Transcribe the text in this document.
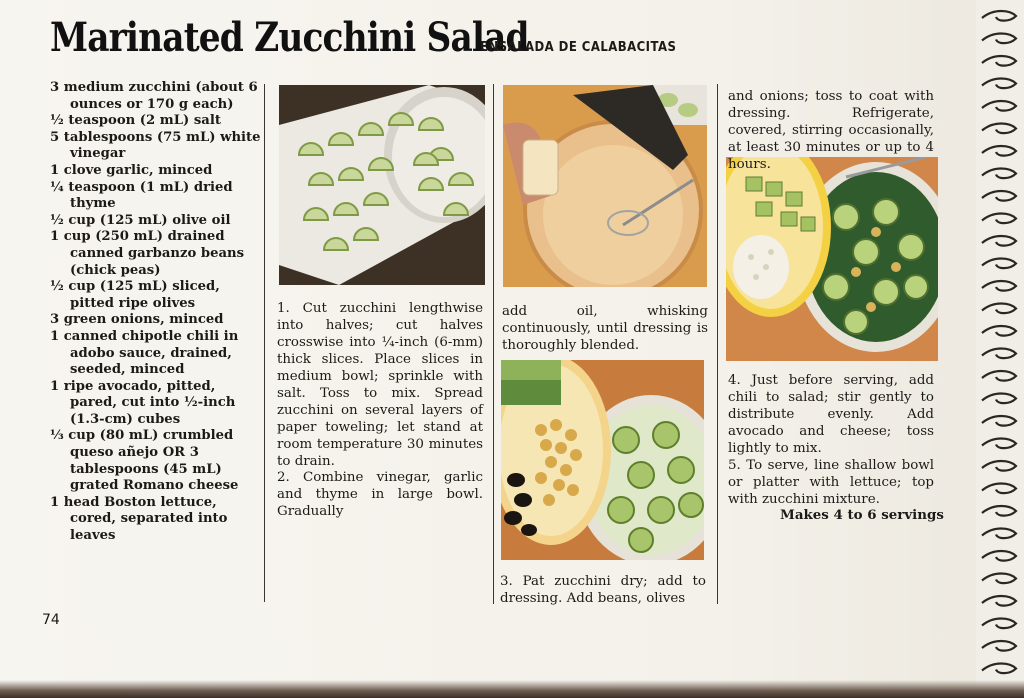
Marinated Zucchini Salad
ENSALADA DE CALABACITAS

3 medium zucchini (about 6 ounces or 170 g each)

½ teaspoon (2 mL) salt

5 tablespoons (75 mL) white vinegar

1 clove garlic, minced

¼ teaspoon (1 mL) dried thyme

½ cup (125 mL) olive oil

1 cup (250 mL) drained canned garbanzo beans (chick peas)

½ cup (125 mL) sliced, pitted ripe olives

3 green onions, minced

1 canned chipotle chili in adobo sauce, drained, seeded, minced

1 ripe avocado, pitted, pared, cut into ½-inch (1.3-cm) cubes

⅓ cup (80 mL) crumbled queso añejo OR 3 tablespoons (45 mL) grated Romano cheese

1 head Boston lettuce, cored, separated into leaves

1. Cut zucchini lengthwise into halves; cut halves crosswise into ¼-inch (6-mm) thick slices. Place slices in medium bowl; sprinkle with salt. Toss to mix. Spread zucchini on several layers of paper toweling; let stand at room temperature 30 minutes to drain.

2. Combine vinegar, garlic and thyme in large bowl. Gradually

add oil, whisking continuously, until dressing is thoroughly blended.

3. Pat zucchini dry; add to dressing. Add beans, olives

and onions; toss to coat with dressing. Refrigerate, covered, stirring occasionally, at least 30 minutes or up to 4 hours.

4. Just before serving, add chili to salad; stir gently to distribute evenly. Add avocado and cheese; toss lightly to mix.

5. To serve, line shallow bowl or platter with lettuce; top with zucchini mixture.

Makes 4 to 6 servings
74
